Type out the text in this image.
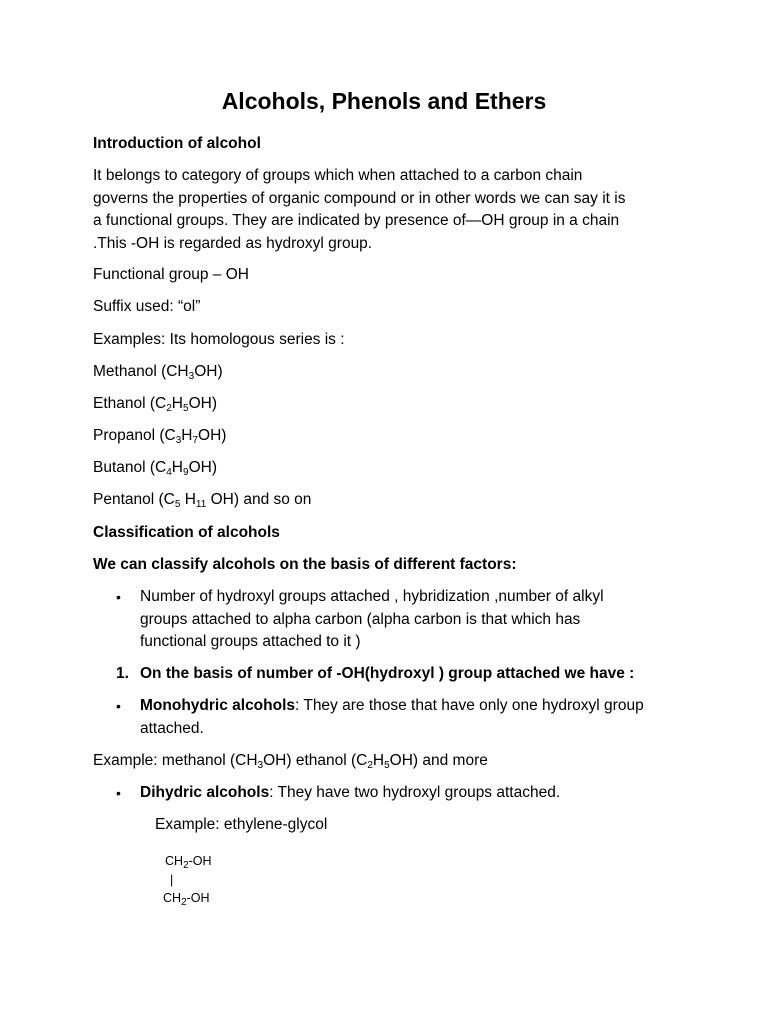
Alcohols, Phenols and Ethers
Introduction of alcohol
It belongs to category of groups which when attached to a carbon chain
governs the properties of organic compound or in other words we can say it is
a functional groups. They are indicated by presence of—OH group in a chain
.This -OH is regarded as hydroxyl group.
Functional group – OH
Suffix used: “ol”
Examples: Its homologous series is :
Methanol $(CH_3OH)$
Ethanol $(C_2H_5OH)$
Propanol $(C_3H_7OH)$
Butanol $(C_4H_9OH)$
Pentanol ($C_5$ $H_{11}$ OH) and so on
Classification of alcohols
We can classify alcohols on the basis of different factors:
•	Number of hydroxyl groups attached , hybridization ,number of alkyl
groups attached to alpha carbon (alpha carbon is that which has
functional groups attached to it )
1. On the basis of number of -OH(hydroxyl ) group attached we have :
•	Monohydric alcohols: They are those that have only one hydroxyl group
attached.
Example: methanol $(CH_3OH)$ ethanol $(C_2H_5OH)$ and more
•	Dihydric alcohols: They have two hydroxyl groups attached.
Example: ethylene-glycol
$CH_2-OH$
|
$CH_2-OH$
